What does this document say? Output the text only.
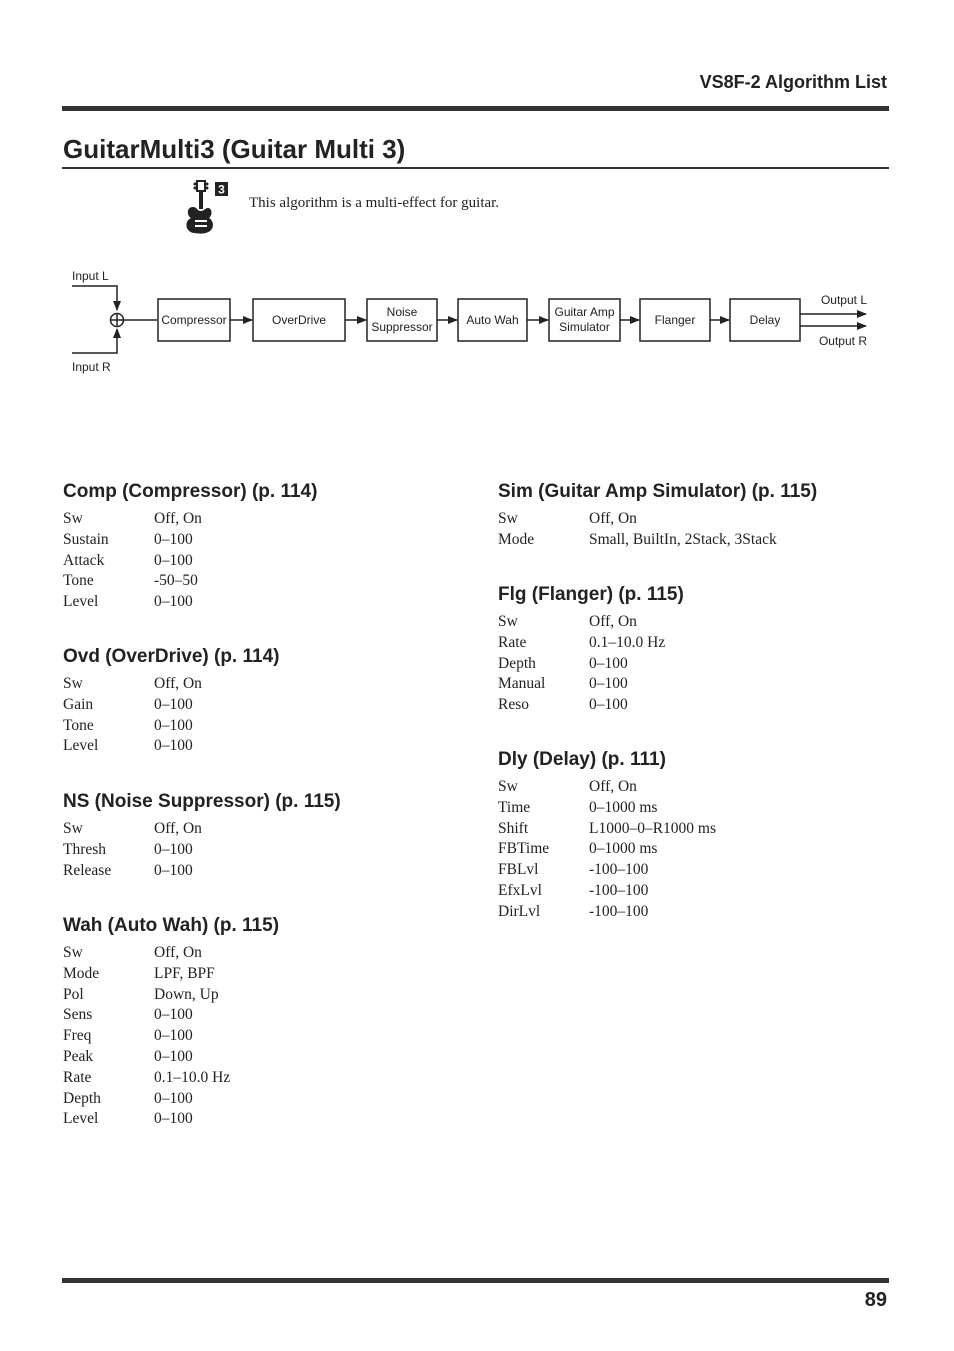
VS8F-2 Algorithm List
GuitarMulti3 (Guitar Multi 3)
3
This algorithm is a multi-effect for guitar.
Input L
Input R
Compressor	OverDrive
Noise
Suppressor	Auto Wah
Guitar Amp
Simulator	Flanger	Delay
Output L
Output R
Comp (Compressor) (p. 114)
Sw	Off, On
Sustain	0–100
Attack	0–100
Tone	-50–50
Level	0–100
Ovd (OverDrive) (p. 114)
Sw	Off, On
Gain	0–100
Tone	0–100
Level	0–100
NS (Noise Suppressor) (p. 115)
Sw	Off, On
Thresh	0–100
Release	0–100
Wah (Auto Wah) (p. 115)
Sw	Off, On
Mode	LPF, BPF
Pol	Down, Up
Sens	0–100
Freq	0–100
Peak	0–100
Rate	0.1–10.0 Hz
Depth	0–100
Level	0–100
Sim (Guitar Amp Simulator) (p. 115)
Sw	Off, On
Mode	Small, BuiltIn, 2Stack, 3Stack
Flg (Flanger) (p. 115)
Sw	Off, On
Rate	0.1–10.0 Hz
Depth	0–100
Manual	0–100
Reso	0–100
Dly (Delay) (p. 111)
Sw	Off, On
Time	0–1000 ms
Shift	L1000–0–R1000 ms
FBTime	0–1000 ms
FBLvl	-100–100
EfxLvl	-100–100
DirLvl	-100–100
89
